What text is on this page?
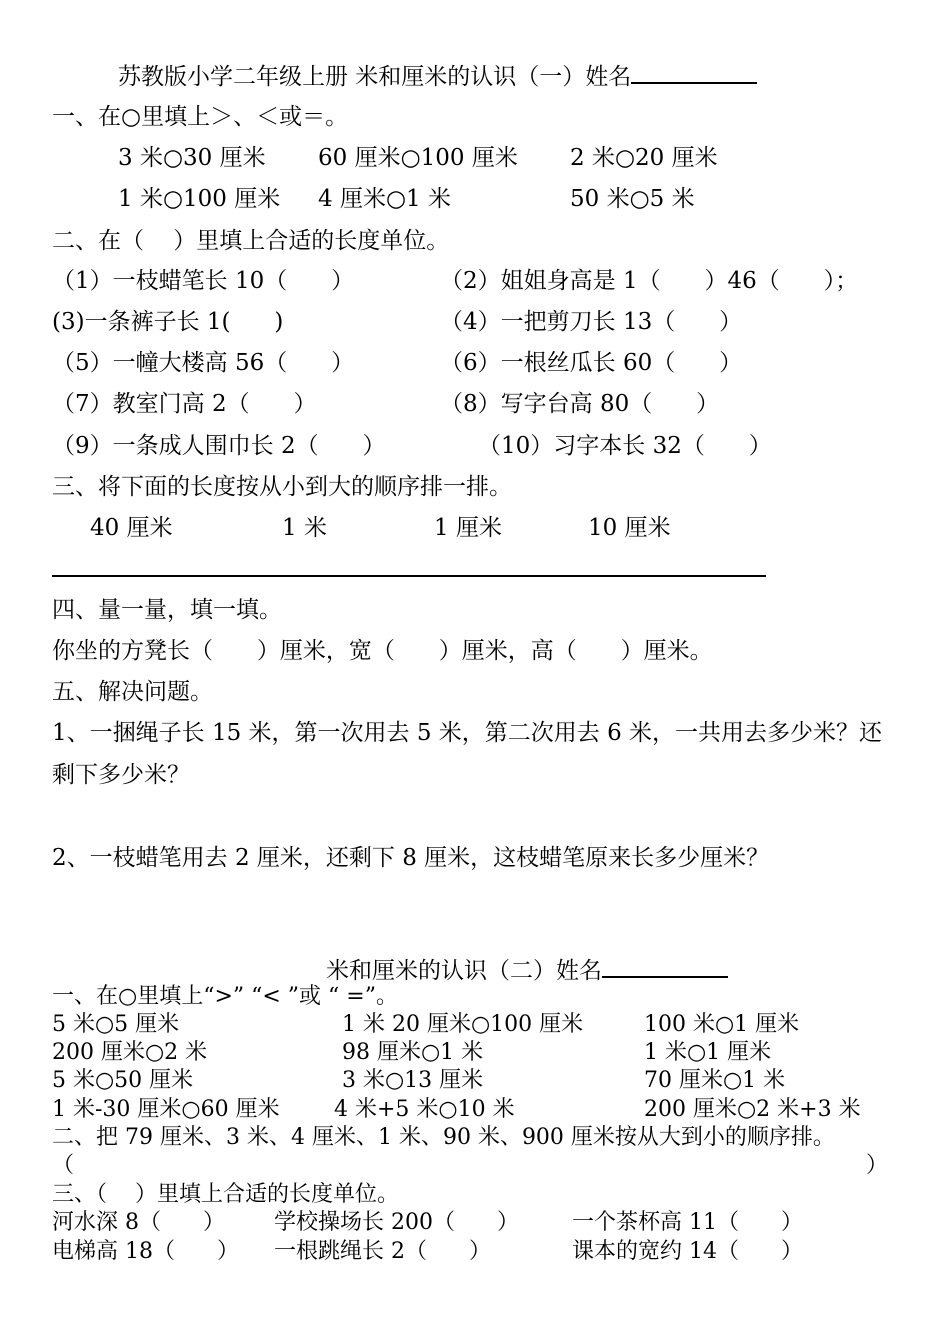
苏教版小学二年级上册 米和厘米的认识（一）姓名
一、在○里填上＞、＜或＝。
3 米○30 厘米 60 厘米○100 厘米 2 米○20 厘米
1 米○100 厘米 4 厘米○1 米	50 米○5 米
二、在（    ）里填上合适的长度单位。
（1）一枝蜡笔长 10（      ）	（2）姐姐身高是 1（      ）46（      ）；
(3)一条裤子长 1(      )	（4）一把剪刀长 13（      ）
（5）一幢大楼高 56（      ）	（6）一根丝瓜长 60（      ）
（7）教室门高 2（      ）	（8）写字台高 80（      ）
（9）一条成人围巾长 2（      ）	（10）习字本长 32（      ）
三、将下面的长度按从小到大的顺序排一排。
40 厘米	1 米	1 厘米	10 厘米
四、量一量，填一填。
你坐的方凳长（      ）厘米，宽（      ）厘米，高（      ）厘米。
五、解决问题。
1、一捆绳子长 15 米，第一次用去 5 米，第二次用去 6 米，一共用去多少米？还
剩下多少米？
2、一枝蜡笔用去 2 厘米，还剩下 8 厘米，这枝蜡笔原来长多少厘米？
米和厘米的认识（二）姓名
一、在○里填上“>” “< ”或 “ =”。
5 米○5 厘米	1 米 20 厘米○100 厘米	100 米○1 厘米
200 厘米○2 米	98 厘米○1 米	1 米○1 厘米
5 米○50 厘米	3 米○13 厘米	70 厘米○1 米
1 米-30 厘米○60 厘米 4 米+5 米○10 米	200 厘米○2 米+3 米
二、把 79 厘米、3 米、4 厘米、1 米、90 米、900 厘米按从大到小的顺序排。
（	）
三、（    ）里填上合适的长度单位。
河水深 8（      ） 学校操场长 200（      ） 一个茶杯高 11（      ）
电梯高 18（      ） 一根跳绳长 2（      ）	课本的宽约 14（      ）
